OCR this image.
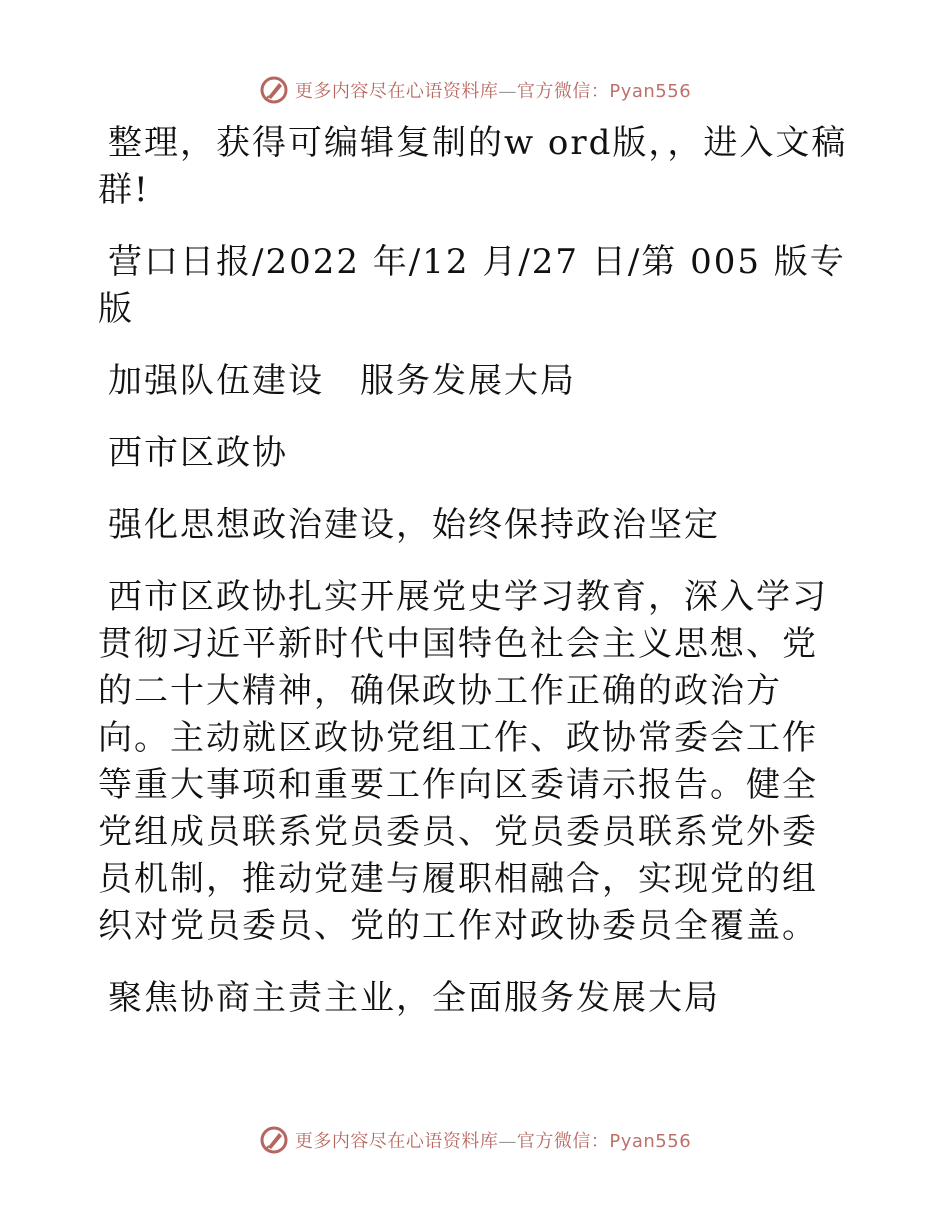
更多内容尽在心语资料库—官方微信：Pyan556

整理，获得可编辑复制的w ord版，，进入文稿群!

营口日报/2022 年/12 月/27 日/第 005 版专版

加强队伍建设　服务发展大局

西市区政协

强化思想政治建设，始终保持政治坚定

西市区政协扎实开展党史学习教育，深入学习贯彻习近平新时代中国特色社会主义思想、党的二十大精神，确保政协工作正确的政治方向。主动就区政协党组工作、政协常委会工作等重大事项和重要工作向区委请示报告。健全党组成员联系党员委员、党员委员联系党外委员机制，推动党建与履职相融合，实现党的组织对党员委员、党的工作对政协委员全覆盖。

聚焦协商主责主业，全面服务发展大局

更多内容尽在心语资料库—官方微信：Pyan556
